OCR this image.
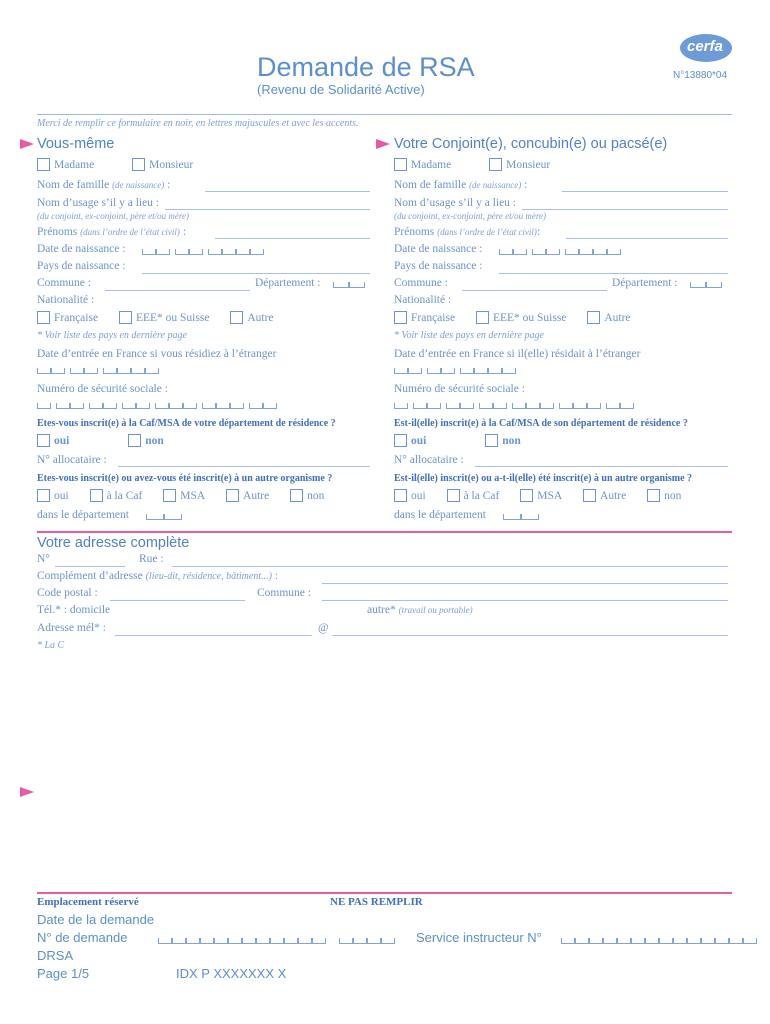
cerfa
N°13880*04
Demande de RSA
(Revenu de Solidarité Active)
Merci de remplir ce formulaire en noir, en lettres majuscules et avec les accents.
Vous-même
Madame
	Monsieur
Nom de famille (de naissance) :
Nom d’usage s’il y a lieu :
(du conjoint, ex-conjoint, père et/ou mère)
Prénoms (dans l’ordre de l’état civil) :
Date de naissance :
Pays de naissance :
Commune :	Département :
Nationalité :
Française
	EEE* ou Suisse
	Autre
* Voir liste des pays en dernière page
Date d’entrée en France si vous résidiez à l’étranger
Numéro de sécurité sociale :
Etes-vous inscrit(e) à la Caf/MSA de votre département de résidence ?
oui
	non
N° allocataire :
Etes-vous inscrit(e) ou avez-vous été inscrit(e) à un autre organisme ?
oui
	à la Caf
	MSA
	Autre
	non
dans le département
Votre Conjoint(e), concubin(e) ou pacsé(e)
Madame
	Monsieur
Nom de famille (de naissance) :
Nom d’usage s’il y a lieu :
(du conjoint, ex-conjoint, père et/ou mère)
Prénoms (dans l’ordre de l’état civil):
Date de naissance :
Pays de naissance :
Commune :	Département :
Nationalité :
Française
	EEE* ou Suisse
	Autre
* Voir liste des pays en dernière page
Date d’entrée en France si il(elle) résidait à l’étranger
Numéro de sécurité sociale :
Est-il(elle) inscrit(e) à la Caf/MSA de son département de résidence ?
oui
	non
N° allocataire :
Est-il(elle) inscrit(e) ou a-t-il(elle) été inscrit(e) à un autre organisme ?
oui
	à la Caf
	MSA
	Autre
	non
dans le département
Votre adresse complète
N°	Rue :
Complément d’adresse (lieu-dit, résidence, bâtiment...) :
Code postal :	Commune :
Tél.* : domicile	autre* (travail ou portable)
Adresse mél* :	@
* La C
Emplacement réservé	NE PAS REMPLIR
Date de la demande
N° de demande	Service instructeur N°
DRSA
Page 1/5	IDX P XXXXXXX X
